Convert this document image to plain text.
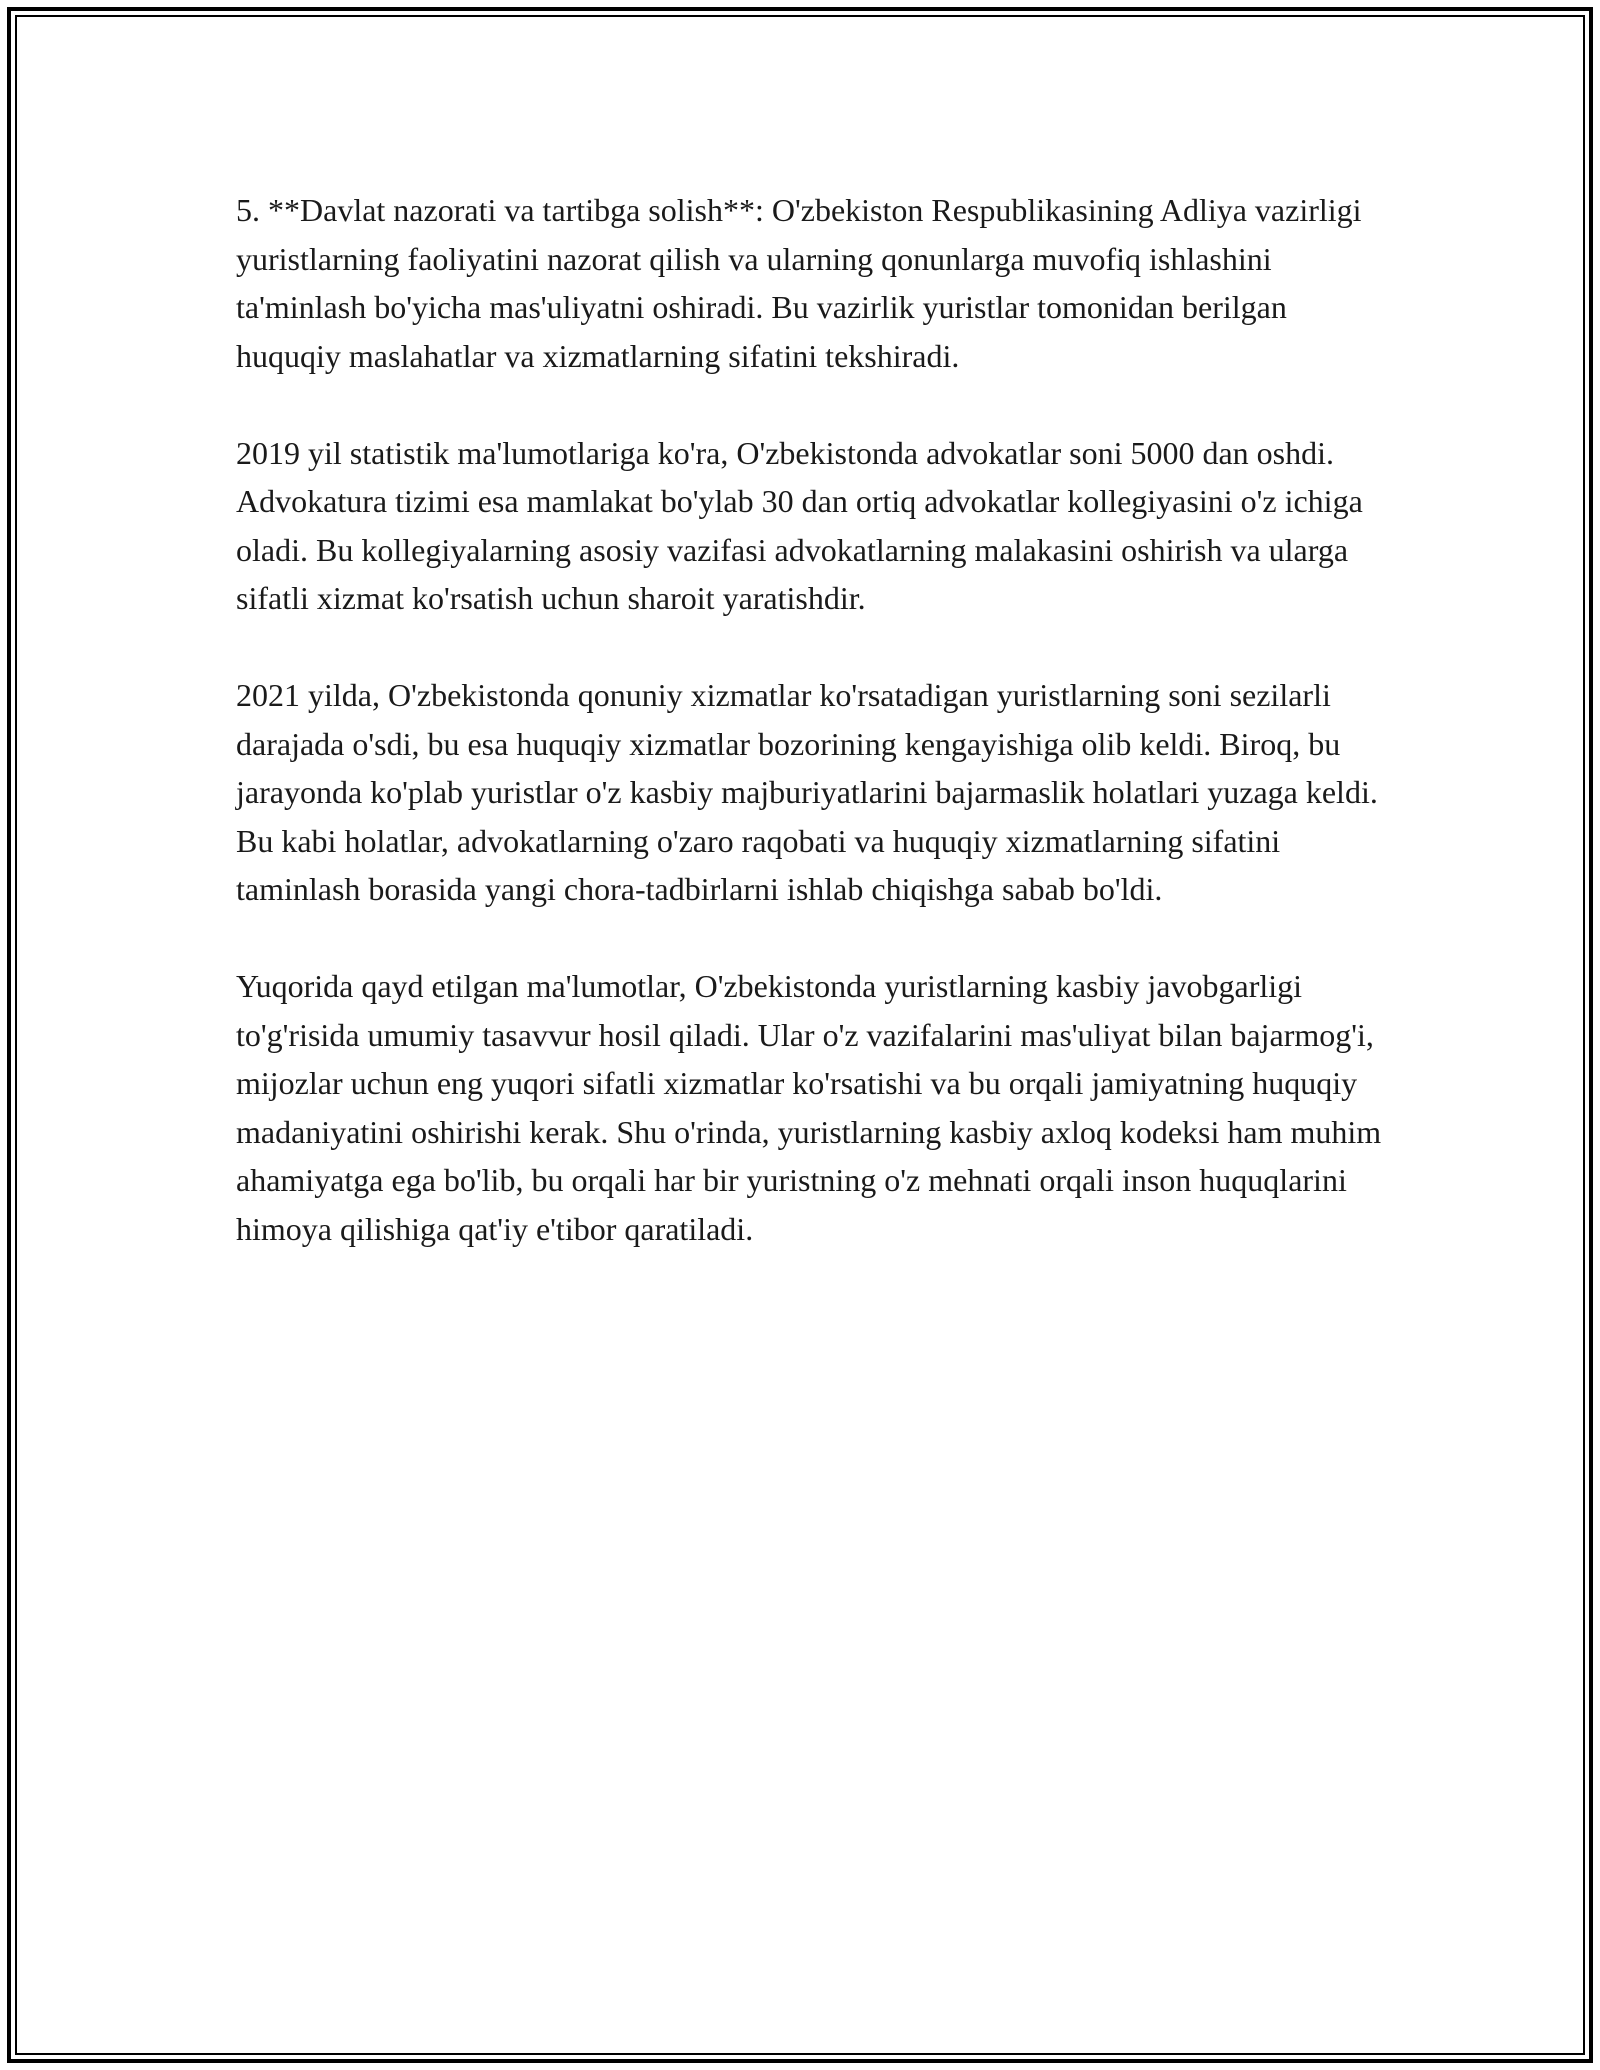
5. **Davlat nazorati va tartibga solish**: O'zbekiston Respublikasining Adliya vazirligi yuristlarning faoliyatini nazorat qilish va ularning qonunlarga muvofiq ishlashini ta'minlash bo'yicha mas'uliyatni oshiradi. Bu vazirlik yuristlar tomonidan berilgan huquqiy maslahatlar va xizmatlarning sifatini tekshiradi.

2019 yil statistik ma'lumotlariga ko'ra, O'zbekistonda advokatlar soni 5000 dan oshdi. Advokatura tizimi esa mamlakat bo'ylab 30 dan ortiq advokatlar kollegiyasini o'z ichiga oladi. Bu kollegiyalarning asosiy vazifasi advokatlarning malakasini oshirish va ularga sifatli xizmat ko'rsatish uchun sharoit yaratishdir.

2021 yilda, O'zbekistonda qonuniy xizmatlar ko'rsatadigan yuristlarning soni sezilarli darajada o'sdi, bu esa huquqiy xizmatlar bozorining kengayishiga olib keldi. Biroq, bu jarayonda ko'plab yuristlar o'z kasbiy majburiyatlarini bajarmaslik holatlari yuzaga keldi. Bu kabi holatlar, advokatlarning o'zaro raqobati va huquqiy xizmatlarning sifatini taminlash borasida yangi chora-tadbirlarni ishlab chiqishga sabab bo'ldi.

Yuqorida qayd etilgan ma'lumotlar, O'zbekistonda yuristlarning kasbiy javobgarligi to'g'risida umumiy tasavvur hosil qiladi. Ular o'z vazifalarini mas'uliyat bilan bajarmog'i, mijozlar uchun eng yuqori sifatli xizmatlar ko'rsatishi va bu orqali jamiyatning huquqiy madaniyatini oshirishi kerak. Shu o'rinda, yuristlarning kasbiy axloq kodeksi ham muhim ahamiyatga ega bo'lib, bu orqali har bir yuristning o'z mehnati orqali inson huquqlarini himoya qilishiga qat'iy e'tibor qaratiladi.
